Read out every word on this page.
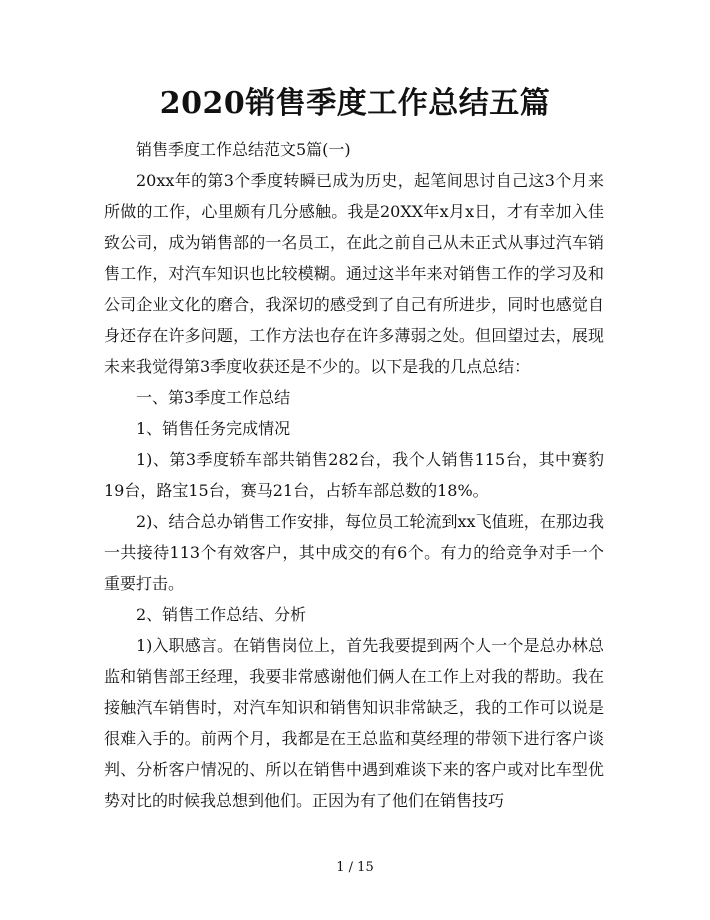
2020销售季度工作总结五篇

销售季度工作总结范文5篇(一)

20xx年的第3个季度转瞬已成为历史，起笔间思讨自己这3个月来所做的工作，心里颇有几分感触。我是20XX年x月x日，才有幸加入佳致公司，成为销售部的一名员工，在此之前自己从未正式从事过汽车销售工作，对汽车知识也比较模糊。通过这半年来对销售工作的学习及和公司企业文化的磨合，我深切的感受到了自己有所进步，同时也感觉自身还存在许多问题，工作方法也存在许多薄弱之处。但回望过去，展现未来我觉得第3季度收获还是不少的。以下是我的几点总结：

一、第3季度工作总结

1、销售任务完成情况

1)、第3季度轿车部共销售282台，我个人销售115台，其中赛豹19台，路宝15台，赛马21台，占轿车部总数的18%。

2)、结合总办销售工作安排，每位员工轮流到xx飞值班，在那边我一共接待113个有效客户，其中成交的有6个。有力的给竞争对手一个重要打击。

2、销售工作总结、分析

1)入职感言。在销售岗位上，首先我要提到两个人一个是总办林总监和销售部王经理，我要非常感谢他们俩人在工作上对我的帮助。我在接触汽车销售时，对汽车知识和销售知识非常缺乏，我的工作可以说是很难入手的。前两个月，我都是在王总监和莫经理的带领下进行客户谈判、分析客户情况的、所以在销售中遇到难谈下来的客户或对比车型优势对比的时候我总想到他们。正因为有了他们在销售技巧

1 / 15
